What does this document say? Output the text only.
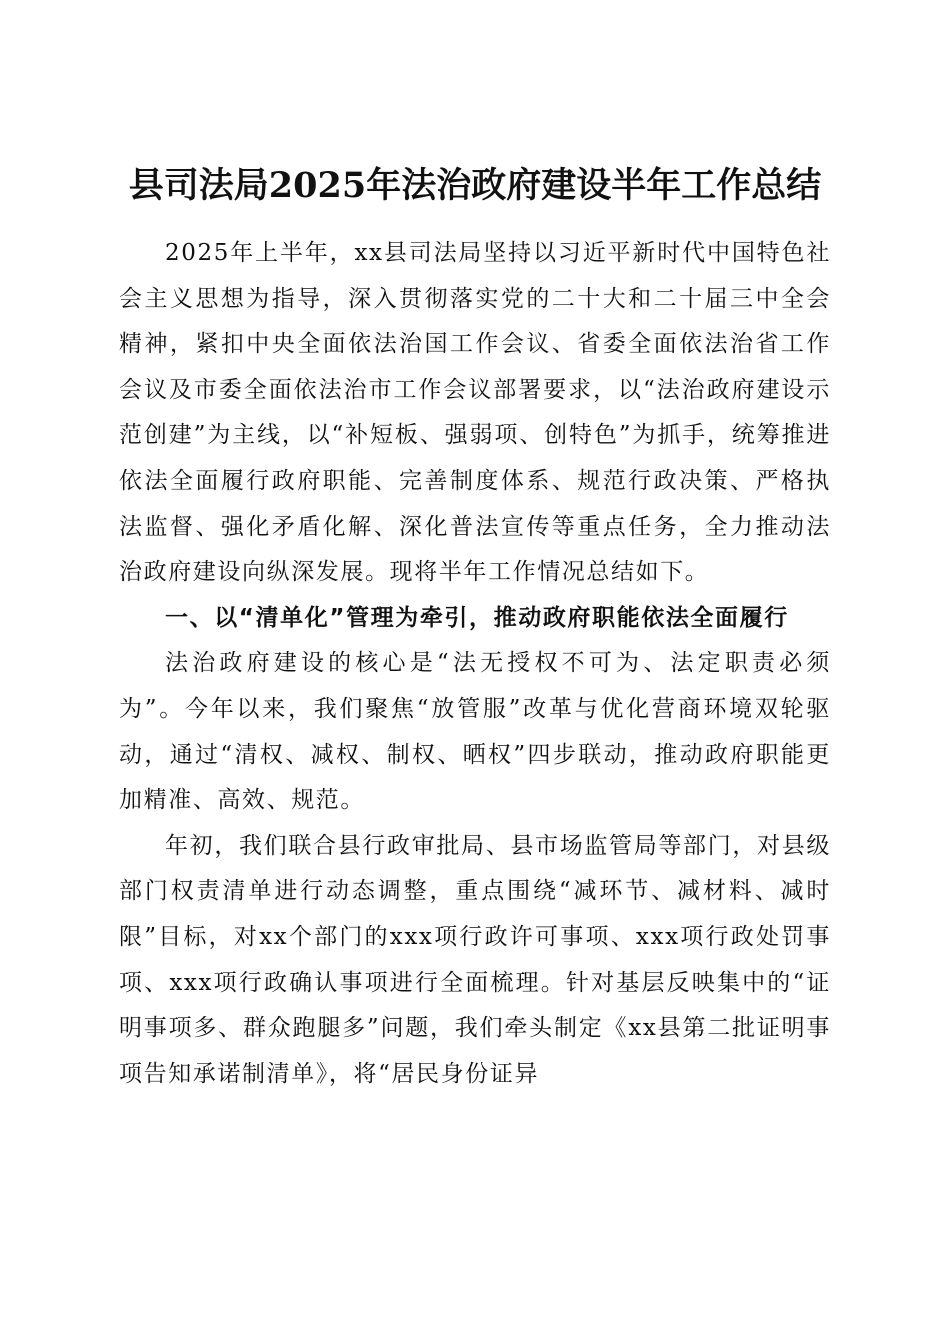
县司法局2025年法治政府建设半年工作总结

2025年上半年，xx县司法局坚持以习近平新时代中国特色社会主义思想为指导，深入贯彻落实党的二十大和二十届三中全会精神，紧扣中央全面依法治国工作会议、省委全面依法治省工作会议及市委全面依法治市工作会议部署要求，以“法治政府建设示范创建”为主线，以“补短板、强弱项、创特色”为抓手，统筹推进依法全面履行政府职能、完善制度体系、规范行政决策、严格执法监督、强化矛盾化解、深化普法宣传等重点任务，全力推动法治政府建设向纵深发展。现将半年工作情况总结如下。

一、以“清单化”管理为牵引，推动政府职能依法全面履行

法治政府建设的核心是“法无授权不可为、法定职责必须为”。今年以来，我们聚焦“放管服”改革与优化营商环境双轮驱动，通过“清权、减权、制权、晒权”四步联动，推动政府职能更加精准、高效、规范。

年初，我们联合县行政审批局、县市场监管局等部门，对县级部门权责清单进行动态调整，重点围绕“减环节、减材料、减时限”目标，对xx个部门的xxx项行政许可事项、xxx项行政处罚事项、xxx项行政确认事项进行全面梳理。针对基层反映集中的“证明事项多、群众跑腿多”问题，我们牵头制定《xx县第二批证明事项告知承诺制清单》，将“居民身份证异
